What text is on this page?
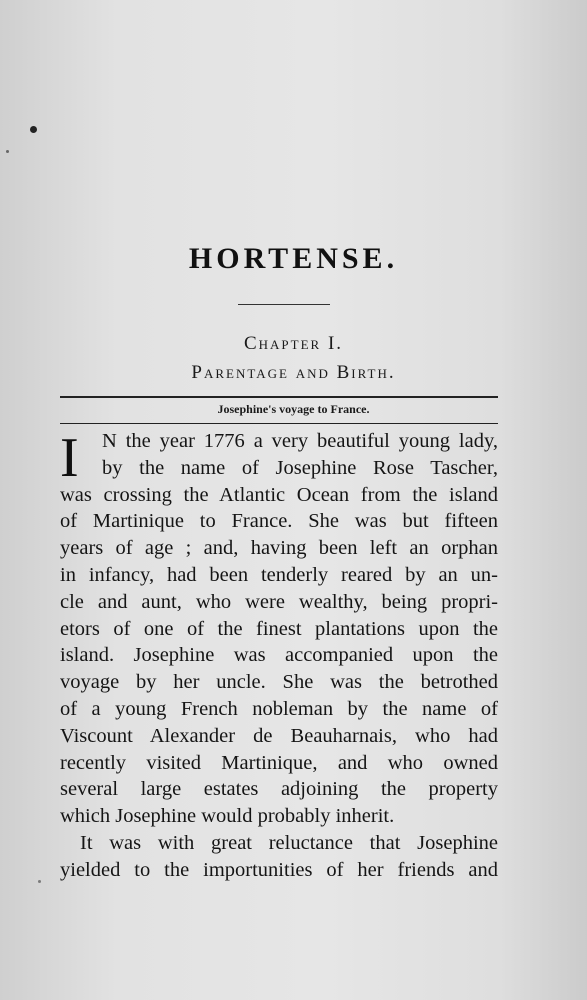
HORTENSE.
Chapter I.
Parentage and Birth.
Josephine's voyage to France.
I	N the year 1776 a very beautiful young lady,
by the name of Josephine Rose Tascher,
was crossing the Atlantic Ocean from the island
of Martinique to France. She was but fifteen
years of age ; and, having been left an orphan
in infancy, had been tenderly reared by an un-
cle and aunt, who were wealthy, being propri-
etors of one of the finest plantations upon the
island. Josephine was accompanied upon the
voyage by her uncle. She was the betrothed
of a young French nobleman by the name of
Viscount Alexander de Beauharnais, who had
recently visited Martinique, and who owned
several large estates adjoining the property
which Josephine would probably inherit.
It was with great reluctance that Josephine
yielded to the importunities of her friends and
